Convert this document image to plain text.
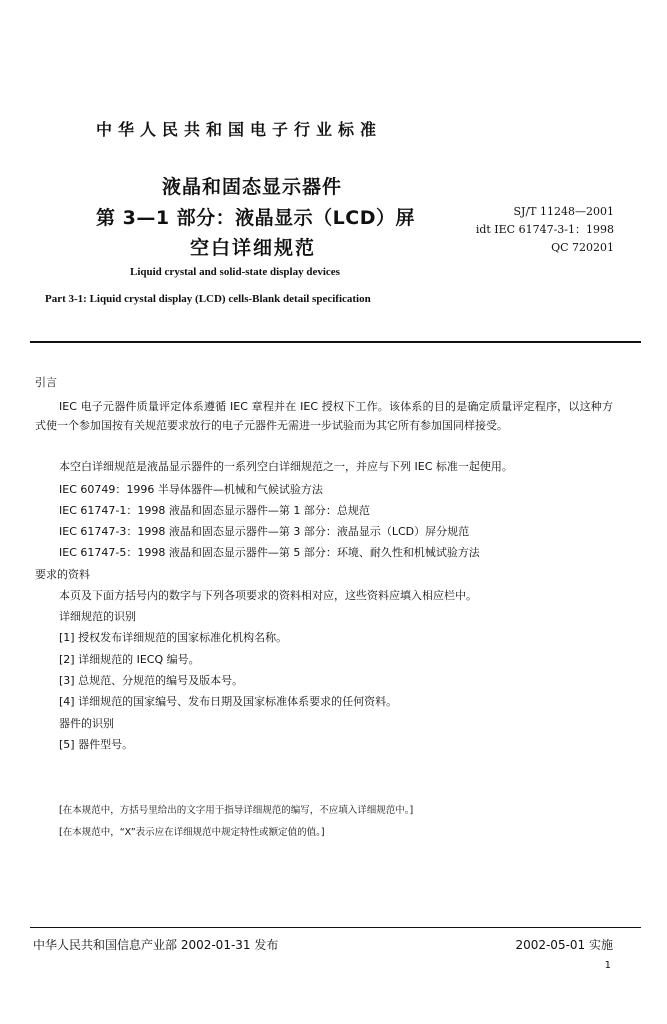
中华人民共和国电子行业标准
液晶和固态显示器件
第 3—1 部分：液晶显示（LCD）屏
空白详细规范
SJ/T 11248—2001
idt IEC 61747-3-1：1998
QC 720201
Liquid crystal and solid-state display devices
Part 3-1: Liquid crystal display (LCD) cells-Blank detail specification
引言
IEC 电子元器件质量评定体系遵循 IEC 章程并在 IEC 授权下工作。该体系的目的是确定质量评定程序，以这种方式使一个参加国按有关规范要求放行的电子元器件无需进一步试验而为其它所有参加国同样接受。
本空白详细规范是液晶显示器件的一系列空白详细规范之一，并应与下列 IEC 标准一起使用。
IEC 60749：1996 半导体器件—机械和气候试验方法
IEC 61747-1：1998 液晶和固态显示器件—第 1 部分：总规范
IEC 61747-3：1998 液晶和固态显示器件—第 3 部分：液晶显示（LCD）屏分规范
IEC 61747-5：1998 液晶和固态显示器件—第 5 部分：环境、耐久性和机械试验方法
要求的资料
本页及下面方括号内的数字与下列各项要求的资料相对应，这些资料应填入相应栏中。
详细规范的识别
[1] 授权发布详细规范的国家标准化机构名称。
[2] 详细规范的 IECQ 编号。
[3] 总规范、分规范的编号及版本号。
[4] 详细规范的国家编号、发布日期及国家标准体系要求的任何资料。
器件的识别
[5] 器件型号。
[在本规范中，方括号里给出的文字用于指导详细规范的编写，不应填入详细规范中。]
[在本规范中，“X”表示应在详细规范中规定特性或额定值的值。]
中华人民共和国信息产业部 2002-01-31 发布	2002-05-01 实施
1
